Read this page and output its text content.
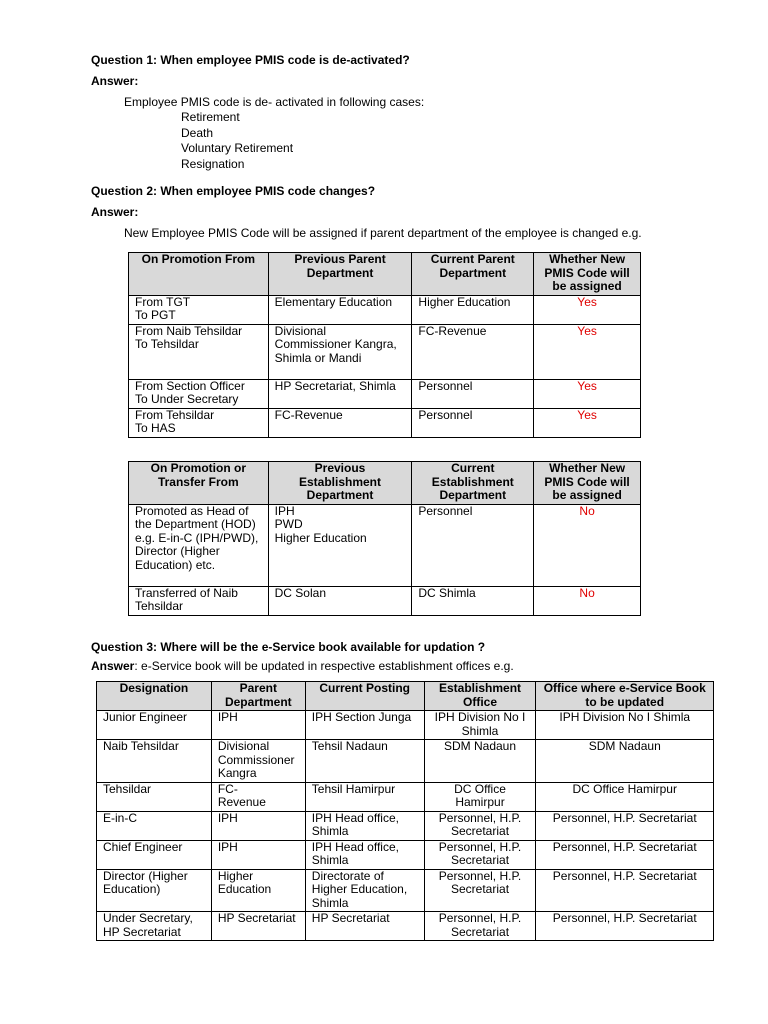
Question 1: When employee PMIS code is de-activated?
Answer:
Employee PMIS code is de- activated in following cases:
Retirement
Death
Voluntary Retirement
Resignation
Question 2: When employee PMIS code changes?
Answer:
New Employee PMIS Code will be assigned if parent department of the employee is changed e.g.
On Promotion From	Previous Parent Department	Current Parent Department	Whether New PMIS Code will be assigned
From TGT
To PGT	Elementary Education	Higher Education	Yes
From Naib Tehsildar
To Tehsildar	Divisional Commissioner Kangra, Shimla or Mandi	FC-Revenue	Yes
From Section Officer
To Under Secretary	HP Secretariat, Shimla	Personnel	Yes
From Tehsildar
To HAS	FC-Revenue	Personnel	Yes
On Promotion or Transfer From	Previous Establishment Department	Current Establishment Department	Whether New PMIS Code will be assigned
Promoted as Head of the Department (HOD) e.g. E-in-C (IPH/PWD), Director (Higher Education) etc.	IPH
PWD
Higher Education	Personnel	No
Transferred of Naib Tehsildar	DC Solan	DC Shimla	No
Question 3: Where will be the e-Service book available for updation ?
Answer: e-Service book will be updated in respective establishment offices e.g.
Designation	Parent Department	Current Posting	Establishment Office	Office where e-Service Book to be updated
Junior Engineer	IPH	IPH Section Junga	IPH Division No I Shimla	IPH Division No I Shimla
Naib Tehsildar	Divisional Commissioner Kangra	Tehsil Nadaun	SDM Nadaun	SDM Nadaun
Tehsildar	FC-
Revenue	Tehsil Hamirpur	DC Office Hamirpur	DC Office Hamirpur
E-in-C	IPH	IPH Head office, Shimla	Personnel, H.P. Secretariat	Personnel, H.P. Secretariat
Chief Engineer	IPH	IPH Head office, Shimla	Personnel, H.P. Secretariat	Personnel, H.P. Secretariat
Director (Higher Education)	Higher Education	Directorate of Higher Education, Shimla	Personnel, H.P. Secretariat	Personnel, H.P. Secretariat
Under Secretary, HP Secretariat	HP Secretariat	HP Secretariat	Personnel, H.P. Secretariat	Personnel, H.P. Secretariat
